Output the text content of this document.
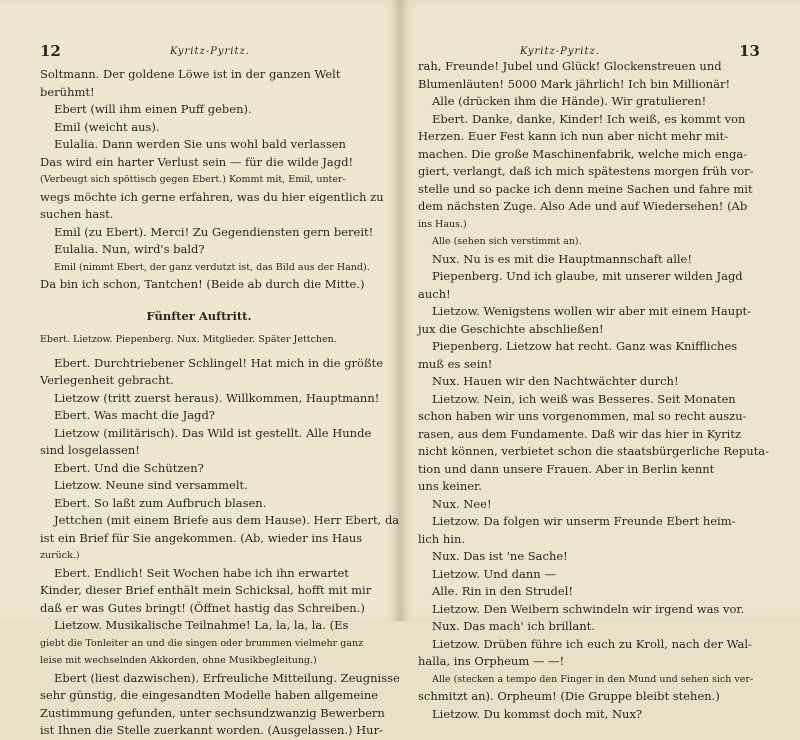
12	Kyritz-Pyritz.
Soltmann. Der goldene Löwe ist in der ganzen Welt
berühmt!
Ebert (will ihm einen Puff geben).
Emil (weicht aus).
Eulalia. Dann werden Sie uns wohl bald verlassen
Das wird ein harter Verlust sein — für die wilde Jagd!
(Verbeugt sich spöttisch gegen Ebert.) Kommt mit, Emil, unter-
wegs möchte ich gerne erfahren, was du hier eigentlich zu
suchen hast.
Emil (zu Ebert). Merci! Zu Gegendiensten gern bereit!
Eulalia. Nun, wird's bald?
Emil (nimmt Ebert, der ganz verdutzt ist, das Bild aus der Hand).
Da bin ich schon, Tantchen! (Beide ab durch die Mitte.)
Fünfter Auftritt.
Ebert. Lietzow. Piepenberg. Nux. Mitglieder. Später Jettchen.
Ebert. Durchtriebener Schlingel! Hat mich in die größte
Verlegenheit gebracht.
Lietzow (tritt zuerst heraus). Willkommen, Hauptmann!
Ebert. Was macht die Jagd?
Lietzow (militärisch). Das Wild ist gestellt. Alle Hunde
sind losgelassen!
Ebert. Und die Schützen?
Lietzow. Neune sind versammelt.
Ebert. So laßt zum Aufbruch blasen.
Jettchen (mit einem Briefe aus dem Hause). Herr Ebert, da
ist ein Brief für Sie angekommen. (Ab, wieder ins Haus
zurück.)
Ebert. Endlich! Seit Wochen habe ich ihn erwartet
Kinder, dieser Brief enthält mein Schicksal, hofft mit mir
daß er was Gutes bringt! (Öffnet hastig das Schreiben.)
Lietzow. Musikalische Teilnahme! La, la, la, la. (Es
giebt die Tonleiter an und die singen oder brummen vielmehr ganz
leise mit wechselnden Akkorden, ohne Musikbegleitung.)
Ebert (liest dazwischen). Erfreuliche Mitteilung. Zeugnisse
sehr günstig, die eingesandten Modelle haben allgemeine
Zustimmung gefunden, unter sechsundzwanzig Bewerbern
ist Ihnen die Stelle zuerkannt worden. (Ausgelassen.) Hur-
13
Kyritz-Pyritz.
rah, Freunde! Jubel und Glück! Glockenstreuen und
Blumenläuten! 5000 Mark jährlich! Ich bin Millionär!
Alle (drücken ihm die Hände). Wir gratulieren!
Ebert. Danke, danke, Kinder! Ich weiß, es kommt von
Herzen. Euer Fest kann ich nun aber nicht mehr mit-
machen. Die große Maschinenfabrik, welche mich enga-
giert, verlangt, daß ich mich spätestens morgen früh vor-
stelle und so packe ich denn meine Sachen und fahre mit
dem nächsten Zuge. Also Ade und auf Wiedersehen! (Ab
ins Haus.)
Alle (sehen sich verstimmt an).
Nux. Nu is es mit die Hauptmannschaft alle!
Piepenberg. Und ich glaube, mit unserer wilden Jagd
auch!
Lietzow. Wenigstens wollen wir aber mit einem Haupt-
jux die Geschichte abschließen!
Piepenberg. Lietzow hat recht. Ganz was Kniffliches
muß es sein!
Nux. Hauen wir den Nachtwächter durch!
Lietzow. Nein, ich weiß was Besseres. Seit Monaten
schon haben wir uns vorgenommen, mal so recht auszu-
rasen, aus dem Fundamente. Daß wir das hier in Kyritz
nicht können, verbietet schon die staatsbürgerliche Reputa-
tion und dann unsere Frauen. Aber in Berlin kennt
uns keiner.
Nux. Nee!
Lietzow. Da folgen wir unserm Freunde Ebert heim-
lich hin.
Nux. Das ist 'ne Sache!
Lietzow. Und dann —
Alle. Rin in den Strudel!
Lietzow. Den Weibern schwindeln wir irgend was vor.
Nux. Das mach' ich brillant.
Lietzow. Drüben führe ich euch zu Kroll, nach der Wal-
halla, ins Orpheum — —!
Alle (stecken a tempo den Finger in den Mund und sehen sich ver-
schmitzt an). Orpheum! (Die Gruppe bleibt stehen.)
Lietzow. Du kommst doch mit, Nux?
